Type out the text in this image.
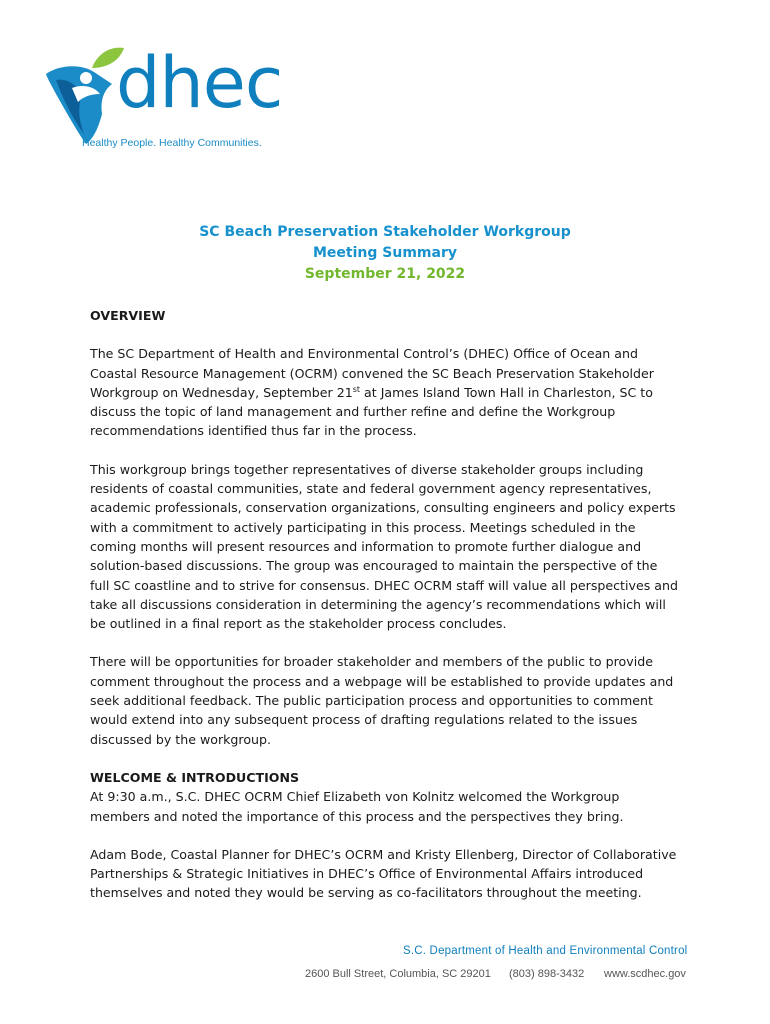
dhec
Healthy People. Healthy Communities.
SC Beach Preservation Stakeholder Workgroup
Meeting Summary
September 21, 2022
OVERVIEW

The SC Department of Health and Environmental Control’s (DHEC) Office of Ocean and Coastal Resource Management (OCRM) convened the SC Beach Preservation Stakeholder Workgroup on Wednesday, September 21st at James Island Town Hall in Charleston, SC to discuss the topic of land management and further refine and define the Workgroup recommendations identified thus far in the process.

This workgroup brings together representatives of diverse stakeholder groups including residents of coastal communities, state and federal government agency representatives, academic professionals, conservation organizations, consulting engineers and policy experts with a commitment to actively participating in this process. Meetings scheduled in the coming months will present resources and information to promote further dialogue and solution-based discussions. The group was encouraged to maintain the perspective of the full SC coastline and to strive for consensus. DHEC OCRM staff will value all perspectives and take all discussions consideration in determining the agency’s recommendations which will be outlined in a final report as the stakeholder process concludes.

There will be opportunities for broader stakeholder and members of the public to provide comment throughout the process and a webpage will be established to provide updates and seek additional feedback. The public participation process and opportunities to comment would extend into any subsequent process of drafting regulations related to the issues discussed by the workgroup.

WELCOME & INTRODUCTIONS

At 9:30 a.m., S.C. DHEC OCRM Chief Elizabeth von Kolnitz welcomed the Workgroup members and noted the importance of this process and the perspectives they bring.

Adam Bode, Coastal Planner for DHEC’s OCRM and Kristy Ellenberg, Director of Collaborative Partnerships & Strategic Initiatives in DHEC’s Office of Environmental Affairs introduced themselves and noted they would be serving as co-facilitators throughout the meeting.

S.C. Department of Health and Environmental Control
2600 Bull Street, Columbia, SC 29201 (803) 898-3432 www.scdhec.gov
